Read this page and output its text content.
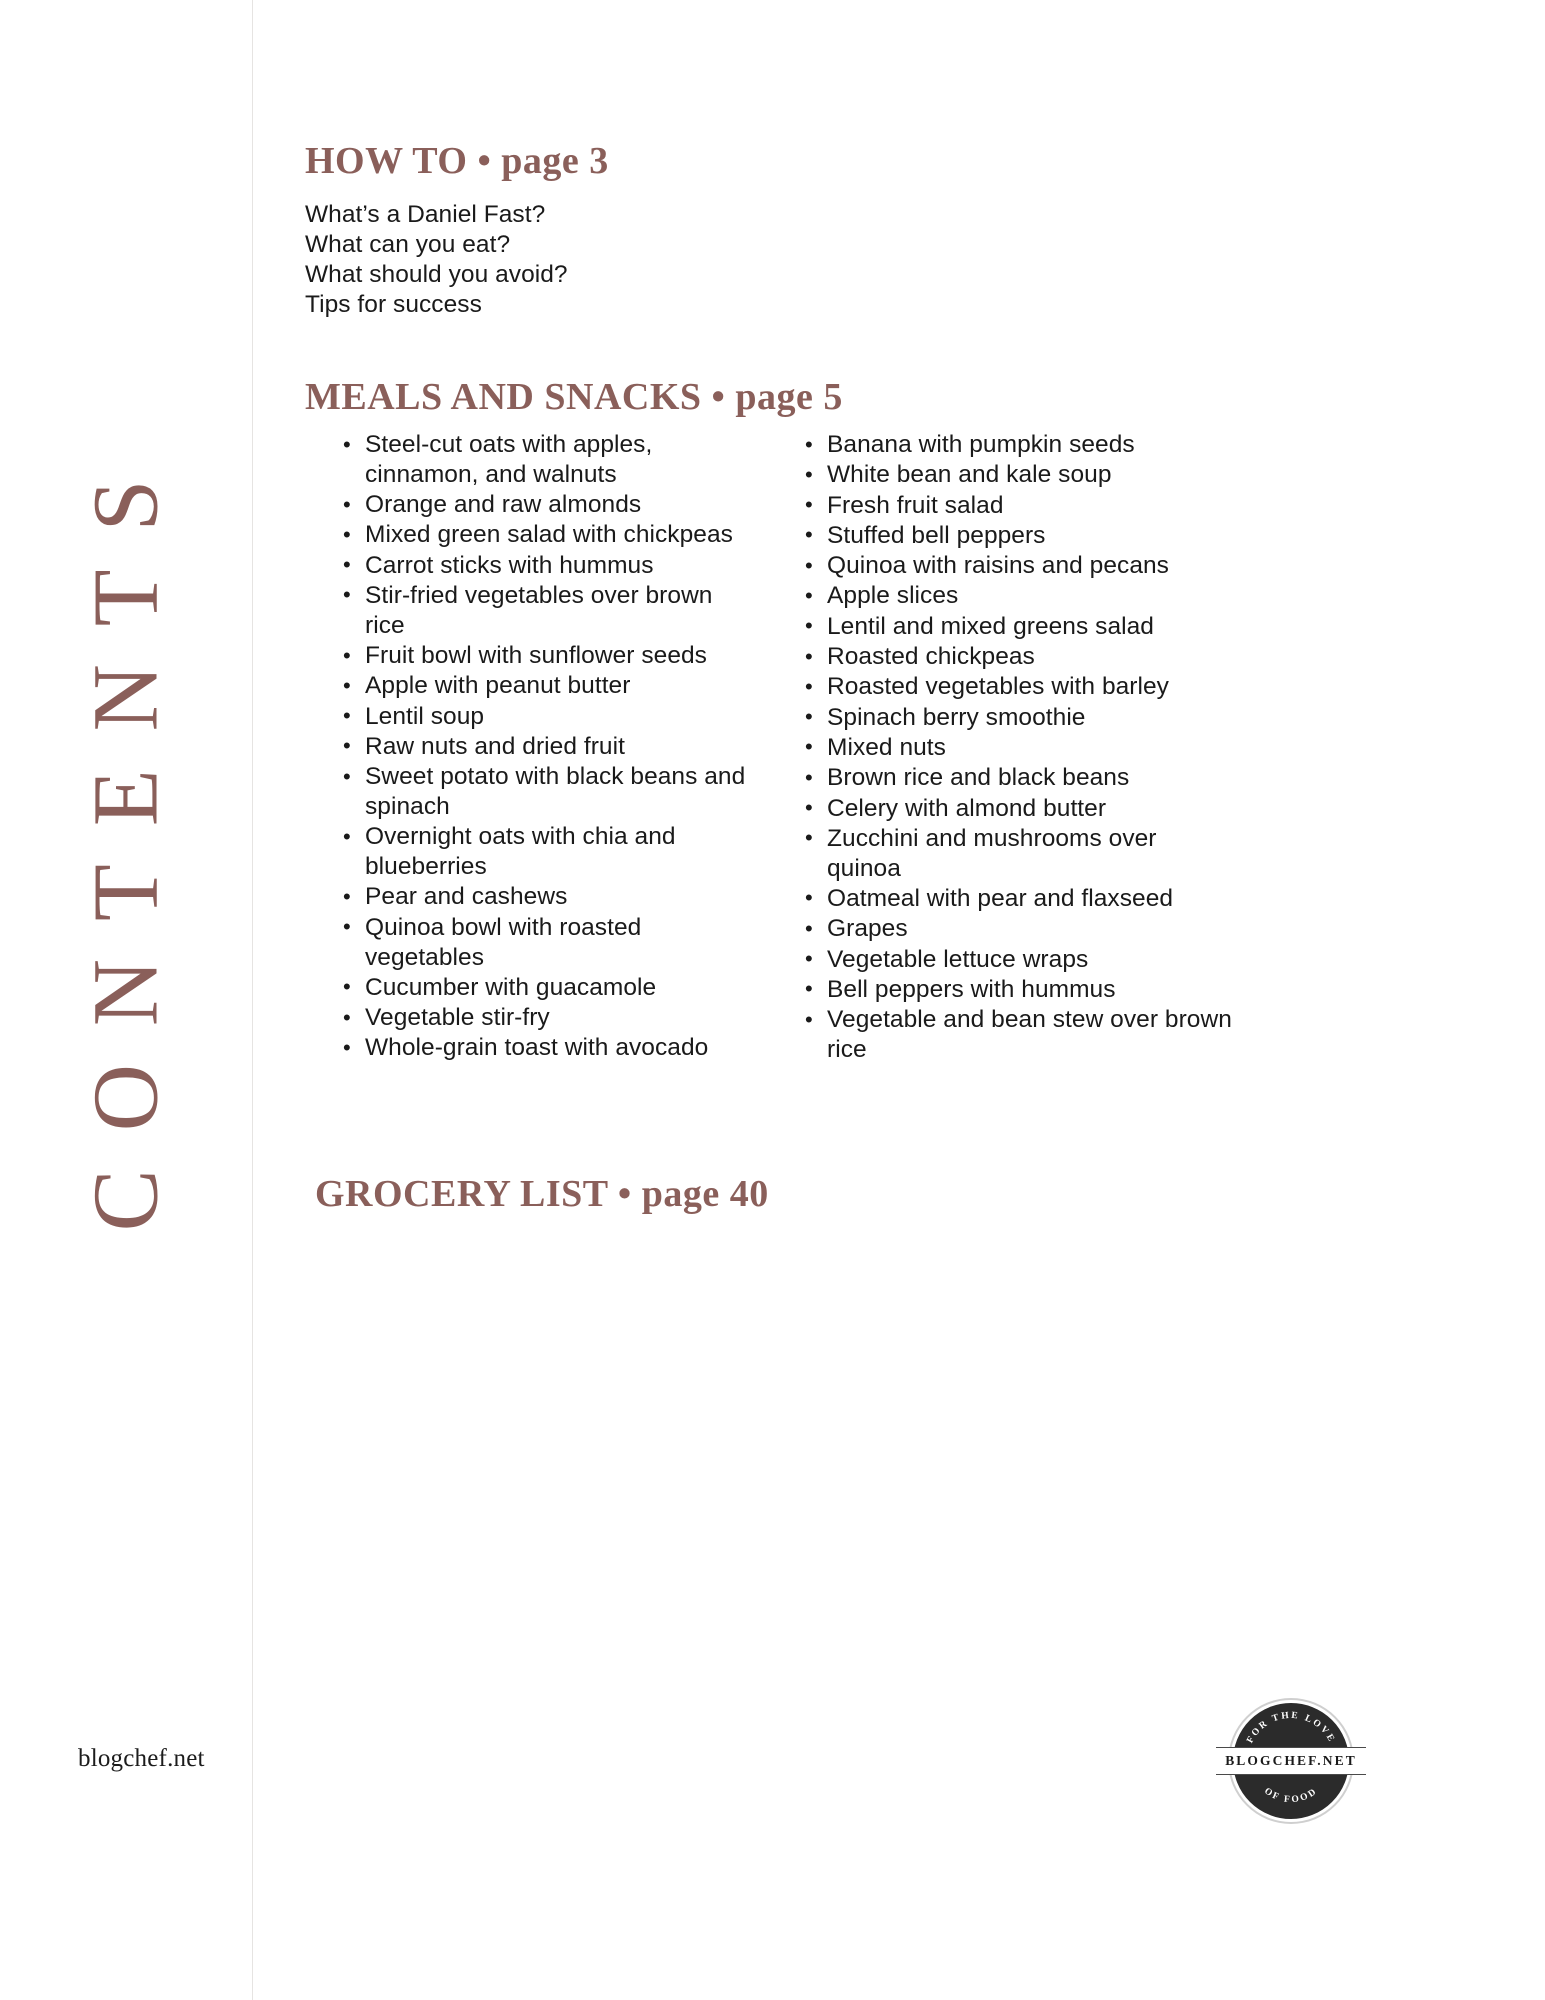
CONTENTS
blogchef.net
HOW TO • page 3
What’s a Daniel Fast?
What can you eat?
What should you avoid?
Tips for success
MEALS AND SNACKS • page 5
• Steel-cut oats with apples, cinnamon, and walnuts
• Orange and raw almonds
• Mixed green salad with chickpeas
• Carrot sticks with hummus
• Stir-fried vegetables over brown rice
• Fruit bowl with sunflower seeds
• Apple with peanut butter
• Lentil soup
• Raw nuts and dried fruit
• Sweet potato with black beans and spinach
• Overnight oats with chia and blueberries
• Pear and cashews
• Quinoa bowl with roasted vegetables
• Cucumber with guacamole
• Vegetable stir-fry
• Whole-grain toast with avocado
• Banana with pumpkin seeds
• White bean and kale soup
• Fresh fruit salad
• Stuffed bell peppers
• Quinoa with raisins and pecans
• Apple slices
• Lentil and mixed greens salad
• Roasted chickpeas
• Roasted vegetables with barley
• Spinach berry smoothie
• Mixed nuts
• Brown rice and black beans
• Celery with almond butter
• Zucchini and mushrooms over quinoa
• Oatmeal with pear and flaxseed
• Grapes
• Vegetable lettuce wraps
• Bell peppers with hummus
• Vegetable and bean stew over brown rice
GROCERY LIST • page 40
FOR THE LOVE
OF FOOD
BLOGCHEF.NET
